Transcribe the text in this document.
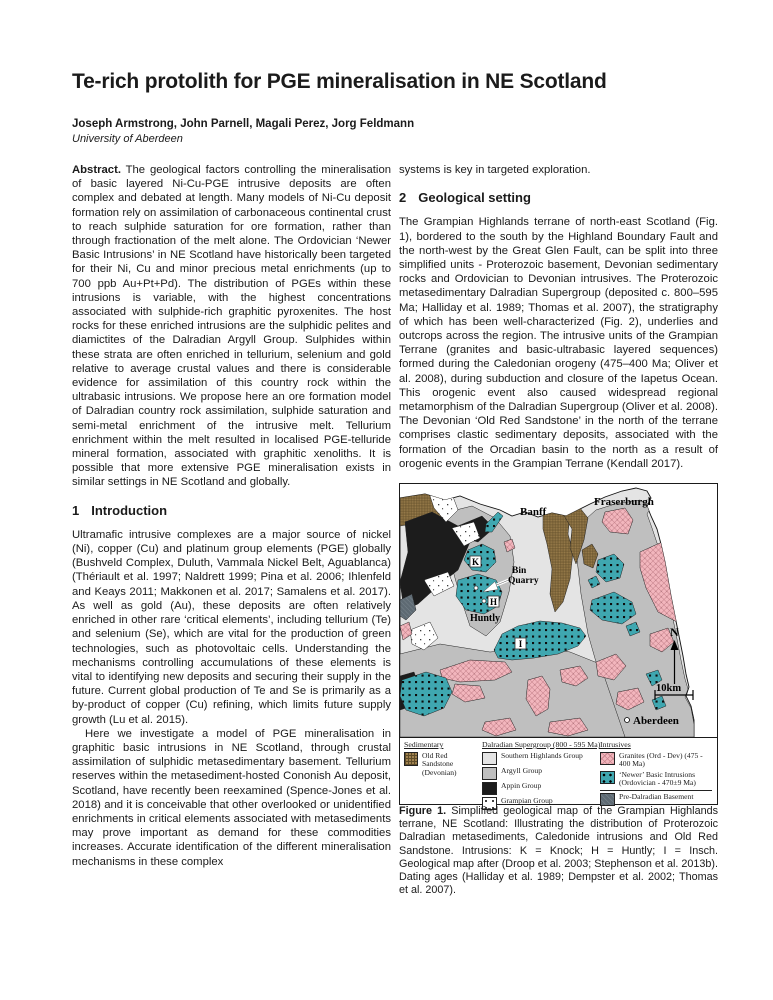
Te-rich protolith for PGE mineralisation in NE Scotland
Joseph Armstrong, John Parnell, Magali Perez, Jorg Feldmann
University of Aberdeen

Abstract. The geological factors controlling the mineralisation of basic layered Ni-Cu-PGE intrusive deposits are often complex and debated at length. Many models of Ni-Cu deposit formation rely on assimilation of carbonaceous continental crust to reach sulphide saturation for ore formation, rather than through fractionation of the melt alone. The Ordovician ‘Newer Basic Intrusions’ in NE Scotland have historically been targeted for their Ni, Cu and minor precious metal enrichments (up to 700 ppb Au+Pt+Pd). The distribution of PGEs within these intrusions is variable, with the highest concentrations associated with sulphide-rich graphitic pyroxenites. The host rocks for these enriched intrusions are the sulphidic pelites and diamictites of the Dalradian Argyll Group. Sulphides within these strata are often enriched in tellurium, selenium and gold relative to average crustal values and there is considerable evidence for assimilation of this country rock within the ultrabasic intrusions. We propose here an ore formation model of Dalradian country rock assimilation, sulphide saturation and semi-metal enrichment of the intrusive melt. Tellurium enrichment within the melt resulted in localised PGE-telluride mineral formation, associated with graphitic xenoliths. It is possible that more extensive PGE mineralisation exists in similar settings in NE Scotland and globally.

1 Introduction

Ultramafic intrusive complexes are a major source of nickel (Ni), copper (Cu) and platinum group elements (PGE) globally (Bushveld Complex, Duluth, Vammala Nickel Belt, Aguablanca) (Thériault et al. 1997; Naldrett 1999; Pina et al. 2006; Ihlenfeld and Keays 2011; Makkonen et al. 2017; Samalens et al. 2017). As well as gold (Au), these deposits are often relatively enriched in other rare ‘critical elements’, including tellurium (Te) and selenium (Se), which are vital for the production of green technologies, such as photovoltaic cells. Understanding the mechanisms controlling accumulations of these elements is vital to identifying new deposits and securing their supply in the future. Current global production of Te and Se is primarily as a by-product of copper (Cu) refining, which limits future supply growth (Lu et al. 2015).

Here we investigate a model of PGE mineralisation in graphitic basic intrusions in NE Scotland, through crustal assimilation of sulphidic metasedimentary basement. Tellurium reserves within the metasediment-hosted Cononish Au deposit, Scotland, have recently been reexamined (Spence-Jones et al. 2018) and it is conceivable that other overlooked or unidentified enrichments in critical elements associated with metasediments may prove important as demand for these commodities increases. Accurate identification of the different mineralisation mechanisms in these complex

systems is key in targeted exploration.

2 Geological setting

The Grampian Highlands terrane of north-east Scotland (Fig. 1), bordered to the south by the Highland Boundary Fault and the north-west by the Great Glen Fault, can be split into three simplified units - Proterozoic basement, Devonian sedimentary rocks and Ordovician to Devonian intrusives. The Proterozoic metasedimentary Dalradian Supergroup (deposited c. 800–595 Ma; Halliday et al. 1989; Thomas et al. 2007), the stratigraphy of which has been well-characterized (Fig. 2), underlies and outcrops across the region. The intrusive units of the Grampian Terrane (granites and basic-ultrabasic layered sequences) formed during the Caledonian orogeny (475–400 Ma; Oliver et al. 2008), during subduction and closure of the Iapetus Ocean. This orogenic event also caused widespread regional metamorphism of the Dalradian Supergroup (Oliver et al. 2008). The Devonian ‘Old Red Sandstone’ in the north of the terrane comprises clastic sedimentary deposits, associated with the formation of the Orcadian basin to the north as a result of orogenic events in the Grampian Terrane (Kendall 2017).

K
H
I
Banff
Fraserburgh
Bin
Quarry
Huntly
N
10km
Aberdeen
Sedimentary
Old Red Sandstone (Devonian)
Dalradian Supergroup (800 - 595 Ma)
Southern Highlands Group
Argyll Group
Appin Group
Grampian Group
Intrusives
Granites (Ord - Dev) (475 - 400 Ma)
‘Newer’ Basic Intrusions (Ordovician - 470±9 Ma)
Pre-Dalradian Basement

Figure 1. Simplified geological map of the Grampian Highlands terrane, NE Scotland: Illustrating the distribution of Proterozoic Dalradian metasediments, Caledonide intrusions and Old Red Sandstone. Intrusions: K = Knock; H = Huntly; I = Insch. Geological map after (Droop et al. 2003; Stephenson et al. 2013b). Dating ages (Halliday et al. 1989; Dempster et al. 2002; Thomas et al. 2007).
